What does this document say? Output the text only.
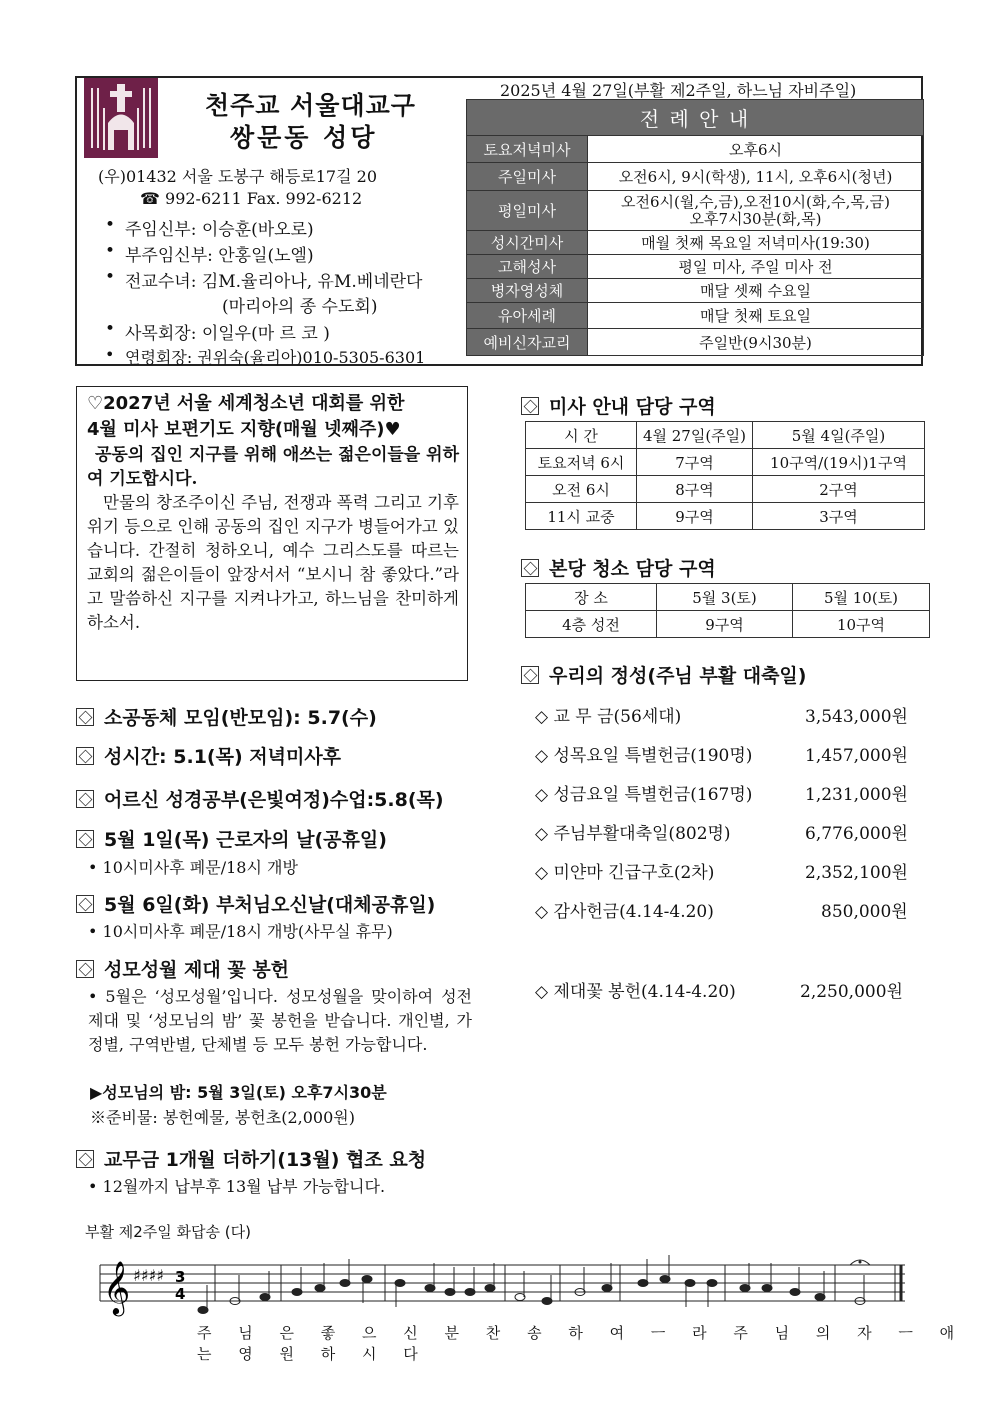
천주교 서울대교구
쌍문동 성당
(우)01432 서울 도봉구 해등로17길 20
☎ 992-6211 Fax. 992-6212
• 주임신부: 이승훈(바오로)
• 부주임신부: 안홍일(노엘)
• 전교수녀: 김M.율리아나, 유M.베네란다
(마리아의 종 수도회)
• 사목회장: 이일우(마 르 코 )
• 연령회장: 권위숙(율리아)010-5305-6301
2025년 4월 27일(부활 제2주일, 하느님 자비주일)
전 례 안 내	
토요저녁미사	오후6시
주일미사	오전6시, 9시(학생), 11시, 오후6시(청년)
평일미사	오전6시(월,수,금),오전10시(화,수,목,금)
오후7시30분(화,목)

성시간미사	매월 첫째 목요일 저녁미사(19:30)
고해성사	평일 미사, 주일 미사 전
병자영성체	매달 셋째 수요일
유아세례	매달 첫째 토요일
예비신자교리	주일반(9시30분)
♡2027년 서울 세계청소년 대회를 위한
4월 미사 보편기도 지향(매월 넷째주)♥
공동의 집인 지구를 위해 애쓰는 젊은이들을 위하여 기도합시다.
만물의 창조주이신 주님, 전쟁과 폭력 그리고 기후 위기 등으로 인해 공동의 집인 지구가 병들어가고 있습니다. 간절히 청하오니, 예수 그리스도를 따르는 교회의 젊은이들이 앞장서서 “보시니 참 좋았다.”라고 말씀하신 지구를 지켜나가고, 하느님을 찬미하게 하소서.
소공동체 모임(반모임): 5.7(수)
성시간: 5.1(목) 저녁미사후
어르신 성경공부(은빛여정)수업:5.8(목)
5월 1일(목) 근로자의 날(공휴일)
• 10시미사후 폐문/18시 개방
5월 6일(화) 부처님오신날(대체공휴일)
• 10시미사후 폐문/18시 개방(사무실 휴무)
성모성월 제대 꽃 봉헌
• 5월은 ‘성모성월’입니다. 성모성월을 맞이하여 성전 제대 및 ‘성모님의 밤’ 꽃 봉헌을 받습니다. 개인별, 가정별, 구역반별, 단체별 등 모두 봉헌 가능합니다.
▶성모님의 밤: 5월 3일(토) 오후7시30분
※준비물: 봉헌예물, 봉헌초(2,000원)
교무금 1개월 더하기(13월) 협조 요청
• 12월까지 납부후 13월 납부 가능합니다.
미사 안내 담당 구역
시 간	4월 27일(주일)	5월 4일(주일)
토요저녁 6시	7구역	10구역/(19시)1구역
오전 6시	8구역	2구역
11시 교중	9구역	3구역
본당 청소 담당 구역
장 소	5월 3(토)	5월 10(토)
4층 성전	9구역	10구역
우리의 정성(주님 부활 대축일)
◇ 교 무 금(56세대)	3,543,000원
◇ 성목요일 특별헌금(190명)	1,457,000원
◇ 성금요일 특별헌금(167명)	1,231,000원
◇ 주님부활대축일(802명)	6,776,000원
◇ 미얀마 긴급구호(2차)	2,352,100원
◇ 감사헌금(4.14-4.20)	850,000원
◇ 제대꽃 봉헌(4.14-4.20)	2,250,000원
부활 제2주일 화답송 (다)
𝄞 ♯♯♯♯ 3
4
주 님 은 좋 으 신 분 찬 송 하 여 ㅡ 라 주 님 의 자 ㅡ 애 는 영 원 하 시 다
